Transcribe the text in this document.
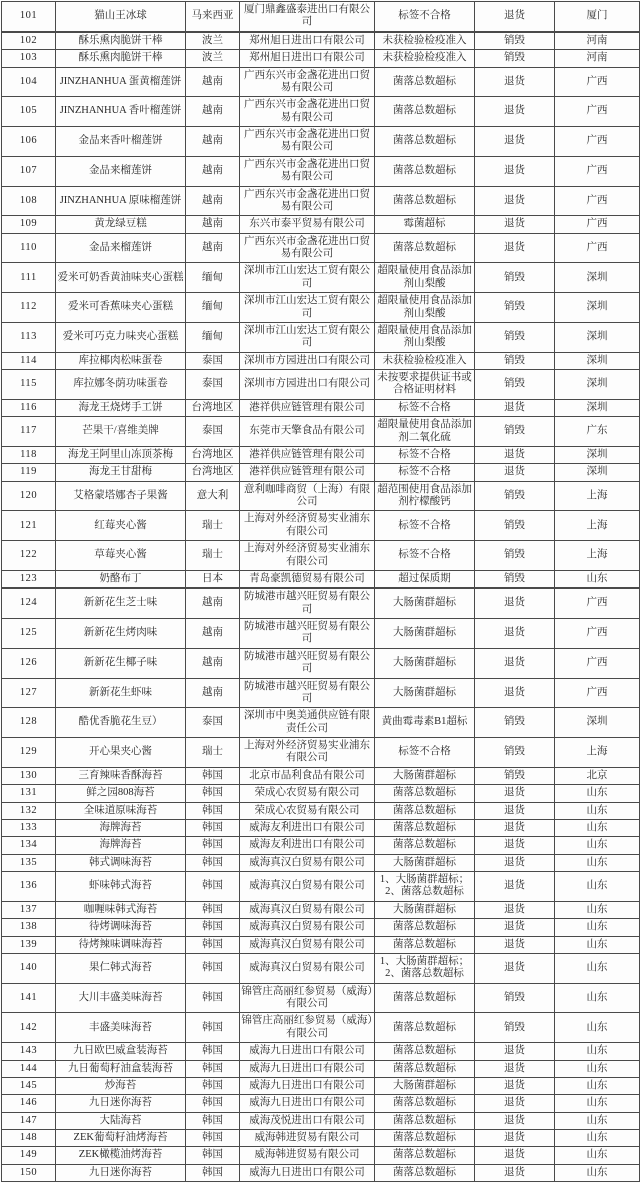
101	猫山王冰球	马来西亚	厦门鼎鑫盛泰进出口有限公司	标签不合格	退货	厦门
102	酥乐熏肉脆饼干棒	波兰	郑州旭日进出口有限公司	未获检验检疫准入	销毁	河南
103	酥乐熏肉脆饼干棒	波兰	郑州旭日进出口有限公司	未获检验检疫准入	销毁	河南
104	JINZHANHUA 蛋黄榴莲饼	越南	广西东兴市金盏花进出口贸易有限公司	菌落总数超标	退货	广西
105	JINZHANHUA 香叶榴莲饼	越南	广西东兴市金盏花进出口贸易有限公司	菌落总数超标	退货	广西
106	金品来香叶榴莲饼	越南	广西东兴市金盏花进出口贸易有限公司	菌落总数超标	退货	广西
107	金品来榴莲饼	越南	广西东兴市金盏花进出口贸易有限公司	菌落总数超标	退货	广西
108	JINZHANHUA 原味榴莲饼	越南	广西东兴市金盏花进出口贸易有限公司	菌落总数超标	退货	广西
109	黄龙绿豆糕	越南	东兴市泰平贸易有限公司	霉菌超标	退货	广西
110	金品来榴莲饼	越南	广西东兴市金盏花进出口贸易有限公司	菌落总数超标	退货	广西
111	爱米可奶香黄油味夹心蛋糕	缅甸	深圳市江山宏达工贸有限公司	超限量使用食品添加剂山梨酸	销毁	深圳
112	爱米可香蕉味夹心蛋糕	缅甸	深圳市江山宏达工贸有限公司	超限量使用食品添加剂山梨酸	销毁	深圳
113	爱米可巧克力味夹心蛋糕	缅甸	深圳市江山宏达工贸有限公司	超限量使用食品添加剂山梨酸	销毁	深圳
114	库拉椰肉松味蛋卷	泰国	深圳市方园进出口有限公司	未获检验检疫准入	销毁	深圳
115	库拉娜冬荫功味蛋卷	泰国	深圳市方园进出口有限公司	未按要求提供证书或合格证明材料	销毁	深圳
116	海龙王烧烤手工饼	台湾地区	港祥供应链管理有限公司	标签不合格	退货	深圳
117	芒果干/喜维美牌	泰国	东莞市天擎食品有限公司	超限量使用食品添加剂二氧化硫	销毁	广东
118	海龙王阿里山冻顶茶梅	台湾地区	港祥供应链管理有限公司	标签不合格	退货	深圳
119	海龙王甘甜梅	台湾地区	港祥供应链管理有限公司	标签不合格	退货	深圳
120	艾格蒙塔娜杏子果酱	意大利	意利咖啡商贸（上海）有限公司	超范围使用食品添加剂柠檬酸钙	销毁	上海
121	红莓夹心酱	瑞士	上海对外经济贸易实业浦东有限公司	标签不合格	销毁	上海
122	草莓夹心酱	瑞士	上海对外经济贸易实业浦东有限公司	标签不合格	销毁	上海
123	奶酪布丁	日本	青岛豪凯德贸易有限公司	超过保质期	销毁	山东
124	新新花生芝士味	越南	防城港市越兴旺贸易有限公司	大肠菌群超标	退货	广西
125	新新花生烤肉味	越南	防城港市越兴旺贸易有限公司	大肠菌群超标	退货	广西
126	新新花生椰子味	越南	防城港市越兴旺贸易有限公司	大肠菌群超标	退货	广西
127	新新花生虾味	越南	防城港市越兴旺贸易有限公司	大肠菌群超标	退货	广西
128	酷优香脆花生豆）	泰国	深圳市中奥美通供应链有限责任公司	黄曲霉毒素B1超标	销毁	深圳
129	开心果夹心酱	瑞士	上海对外经济贸易实业浦东有限公司	标签不合格	销毁	上海
130	三育辣味香酥海苔	韩国	北京市品利食品有限公司	大肠菌群超标	销毁	北京
131	鲜之园808海苔	韩国	荣成心农贸易有限公司	菌落总数超标	退货	山东
132	全味道原味海苔	韩国	荣成心农贸易有限公司	菌落总数超标	退货	山东
133	海牌海苔	韩国	威海友利进出口有限公司	菌落总数超标	退货	山东
134	海牌海苔	韩国	威海友利进出口有限公司	菌落总数超标	退货	山东
135	韩式调味海苔	韩国	威海真汉白贸易有限公司	大肠菌群超标	退货	山东
136	虾味韩式海苔	韩国	威海真汉白贸易有限公司	1、大肠菌群超标；2、菌落总数超标	退货	山东
137	咖喱味韩式海苔	韩国	威海真汉白贸易有限公司	大肠菌群超标	退货	山东
138	待烤调味海苔	韩国	威海真汉白贸易有限公司	菌落总数超标	退货	山东
139	待烤辣味调味海苔	韩国	威海真汉白贸易有限公司	菌落总数超标	退货	山东
140	果仁韩式海苔	韩国	威海真汉白贸易有限公司	1、大肠菌群超标；2、菌落总数超标	退货	山东
141	大川丰盛美味海苔	韩国	锦管庄高丽红参贸易（威海）有限公司	菌落总数超标	销毁	山东
142	丰盛美味海苔	韩国	锦管庄高丽红参贸易（威海）有限公司	菌落总数超标	销毁	山东
143	九日欧巴威盒装海苔	韩国	威海九日进出口有限公司	菌落总数超标	退货	山东
144	九日葡萄籽油盒装海苔	韩国	威海九日进出口有限公司	菌落总数超标	退货	山东
145	炒海苔	韩国	威海九日进出口有限公司	大肠菌群超标	退货	山东
146	九日迷你海苔	韩国	威海九日进出口有限公司	菌落总数超标	退货	山东
147	大陆海苔	韩国	威海茂悦进出口有限公司	菌落总数超标	退货	山东
148	ZEK葡萄籽油烤海苔	韩国	威海韩进贸易有限公司	菌落总数超标	退货	山东
149	ZEK橄榄油烤海苔	韩国	威海韩进贸易有限公司	菌落总数超标	退货	山东
150	九日迷你海苔	韩国	威海九日进出口有限公司	菌落总数超标	退货	山东
